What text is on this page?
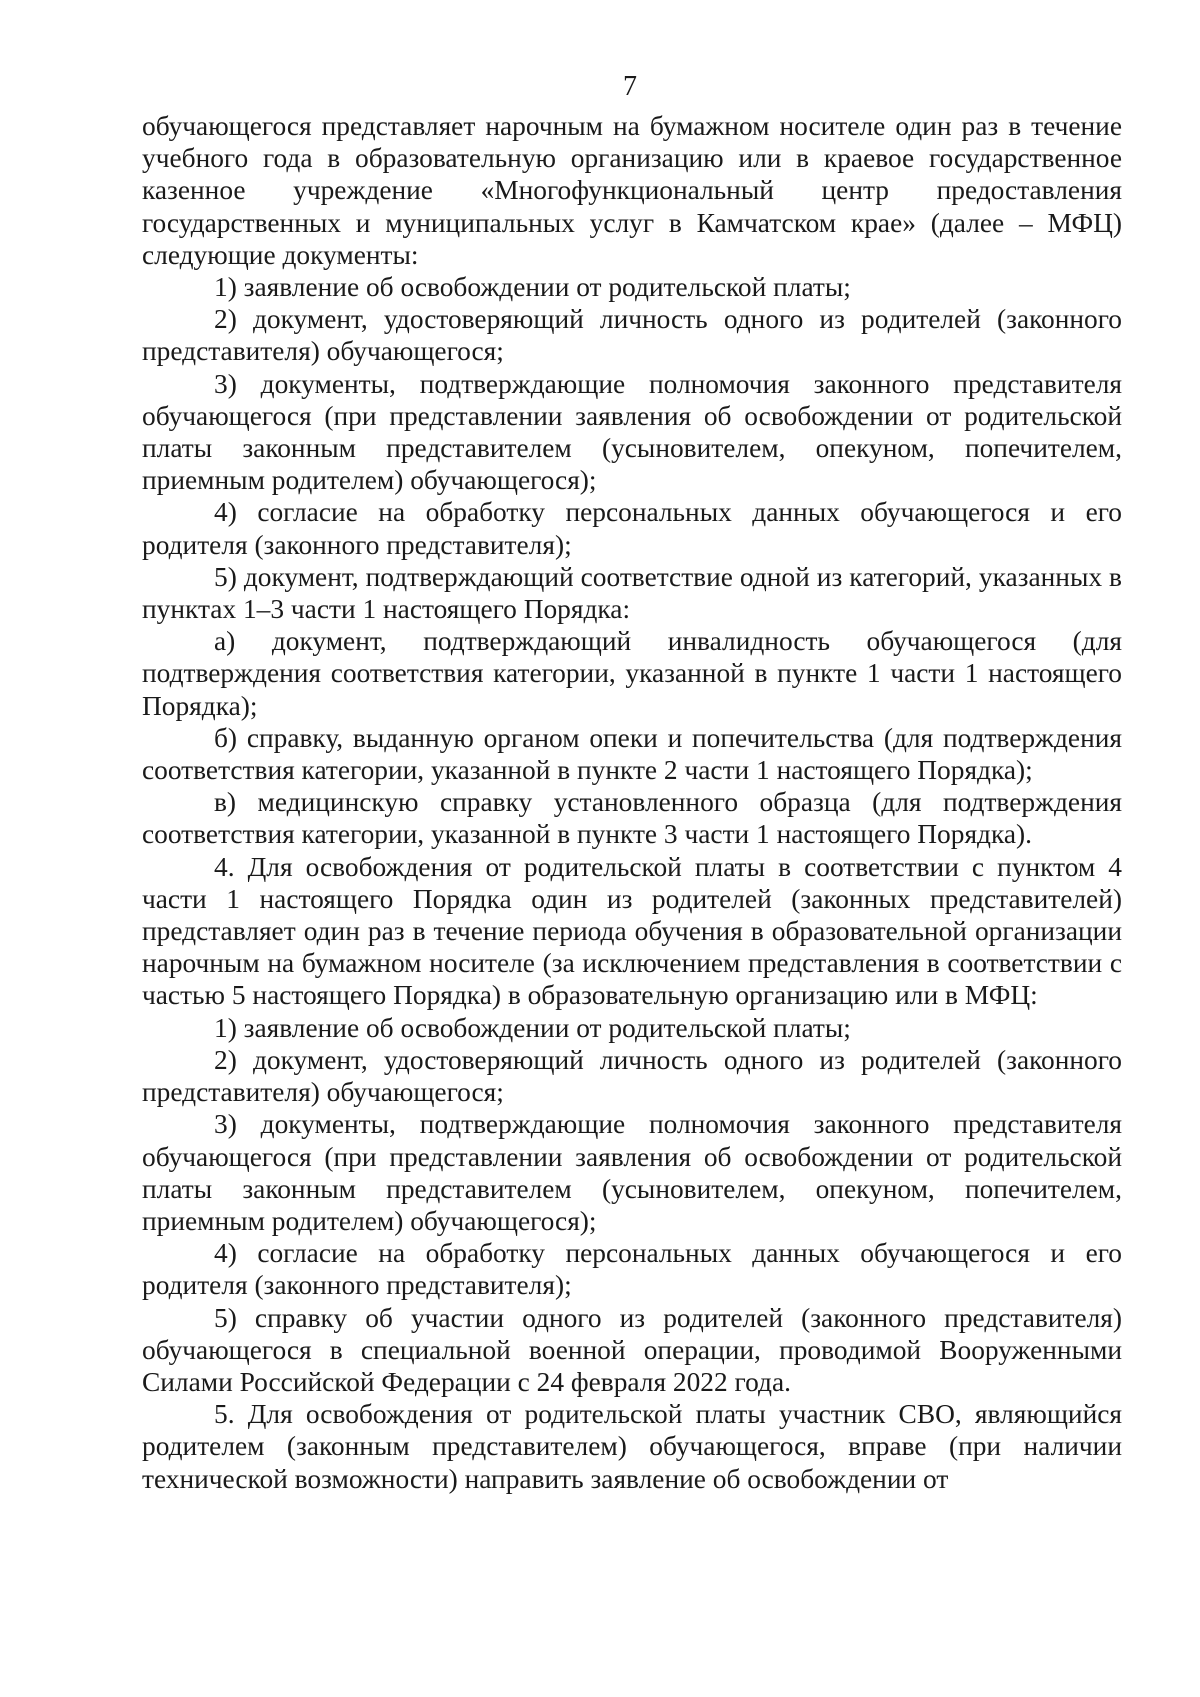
7

обучающегося представляет нарочным на бумажном носителе один раз в течение учебного года в образовательную организацию или в краевое государственное казенное учреждение «Многофункциональный центр предоставления государственных и муниципальных услуг в Камчатском крае» (далее – МФЦ) следующие документы:

1) заявление об освобождении от родительской платы;

2) документ, удостоверяющий личность одного из родителей (законного представителя) обучающегося;

3) документы, подтверждающие полномочия законного представителя обучающегося (при представлении заявления об освобождении от родительской платы законным представителем (усыновителем, опекуном, попечителем, приемным родителем) обучающегося);

4) согласие на обработку персональных данных обучающегося и его родителя (законного представителя);

5) документ, подтверждающий соответствие одной из категорий, указанных в пунктах 1–3 части 1 настоящего Порядка:

а) документ, подтверждающий инвалидность обучающегося (для подтверждения соответствия категории, указанной в пункте 1 части 1 настоящего Порядка);

б) справку, выданную органом опеки и попечительства (для подтверждения соответствия категории, указанной в пункте 2 части 1 настоящего Порядка);

в) медицинскую справку установленного образца (для подтверждения соответствия категории, указанной в пункте 3 части 1 настоящего Порядка).

4. Для освобождения от родительской платы в соответствии с пунктом 4 части 1 настоящего Порядка один из родителей (законных представителей) представляет один раз в течение периода обучения в образовательной организации нарочным на бумажном носителе (за исключением представления в соответствии с частью 5 настоящего Порядка) в образовательную организацию или в МФЦ:

1) заявление об освобождении от родительской платы;

2) документ, удостоверяющий личность одного из родителей (законного представителя) обучающегося;

3) документы, подтверждающие полномочия законного представителя обучающегося (при представлении заявления об освобождении от родительской платы законным представителем (усыновителем, опекуном, попечителем, приемным родителем) обучающегося);

4) согласие на обработку персональных данных обучающегося и его родителя (законного представителя);

5) справку об участии одного из родителей (законного представителя) обучающегося в специальной военной операции, проводимой Вооруженными Силами Российской Федерации с 24 февраля 2022 года.

5. Для освобождения от родительской платы участник СВО, являющийся родителем (законным представителем) обучающегося, вправе (при наличии технической возможности) направить заявление об освобождении от
